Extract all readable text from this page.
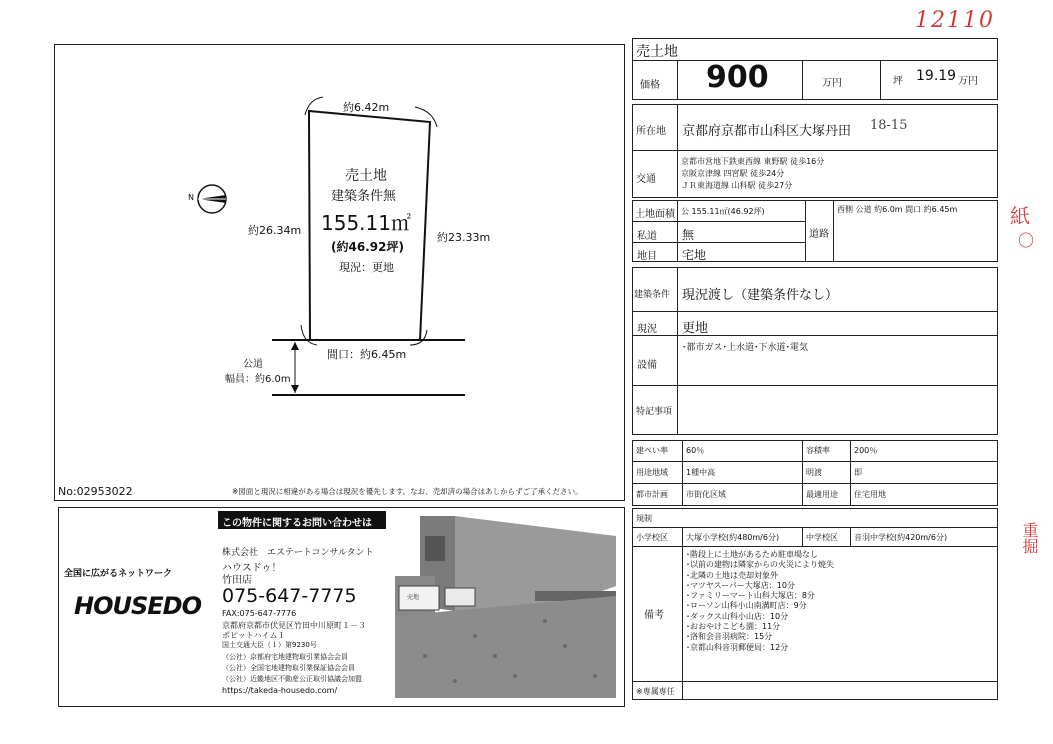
12110
紙
〇
重掘
N
約6.42m
約26.34m
約23.33m
売土地
建築条件無
155.11㎡
(約46.92坪)
現況：更地
間口：約6.45m
公道
幅員：約6.0m
No:02953022	※図面と現況に相違がある場合は現況を優先します。なお、売却済の場合はあしからずご了承ください。
売土地
価格 900	万円	坪 19.19 万円
所在地 京都府京都市山科区大塚丹田 18-15
交通
京都市営地下鉄東西線 東野駅 徒歩16分
京阪京津線 四宮駅 徒歩24分
ＪＲ東海道線 山科駅 徒歩27分
土地面積 公 155.11㎡(46.92坪)
私道 無
地目 宅地
道路
西側 公道 約6.0m 間口 約6.45m
建築条件 現況渡し（建築条件なし）
現況 更地
設備
･都市ガス･上水道･下水道･電気
特記事項
建ぺい率 60％	容積率	200％
用途地域 1種中高	明渡	即
都市計画 市街化区域	最適用途 住宅用地
規制
小学校区 大塚小学校(約480m/6分)	中学校区 音羽中学校(約420m/6分)
備考
･階段上に土地があるため駐車場なし
･以前の建物は隣家からの火災により焼失
･北隣の土地は売却対象外
･マツヤスーパー大塚店：10分
･ファミリーマート山科大塚店：8分
･ローソン山科小山南溝町店：9分
･ダックス山科小山店：10分
･おおやけこども園：11分
･洛和会音羽病院：15分
･京都山科音羽郵便局：12分
※専属専任
全国に広がるネットワーク
HOUSEDO
この物件に関するお問い合わせは
株式会社　エステートコンサルタント
ハウスドゥ！
竹田店
075-647-7775
FAX:075-647-7776
京都府京都市伏見区竹田中川原町１－３
ポピットハイム１
国土交通大臣（１）第9230号
（公社）京都府宅地建物取引業協会会員
（公社）全国宅地建物取引業保証協会会員
（公社）近畿地区不動産公正取引協議会加盟
https://takeda-housedo.com/
売地
